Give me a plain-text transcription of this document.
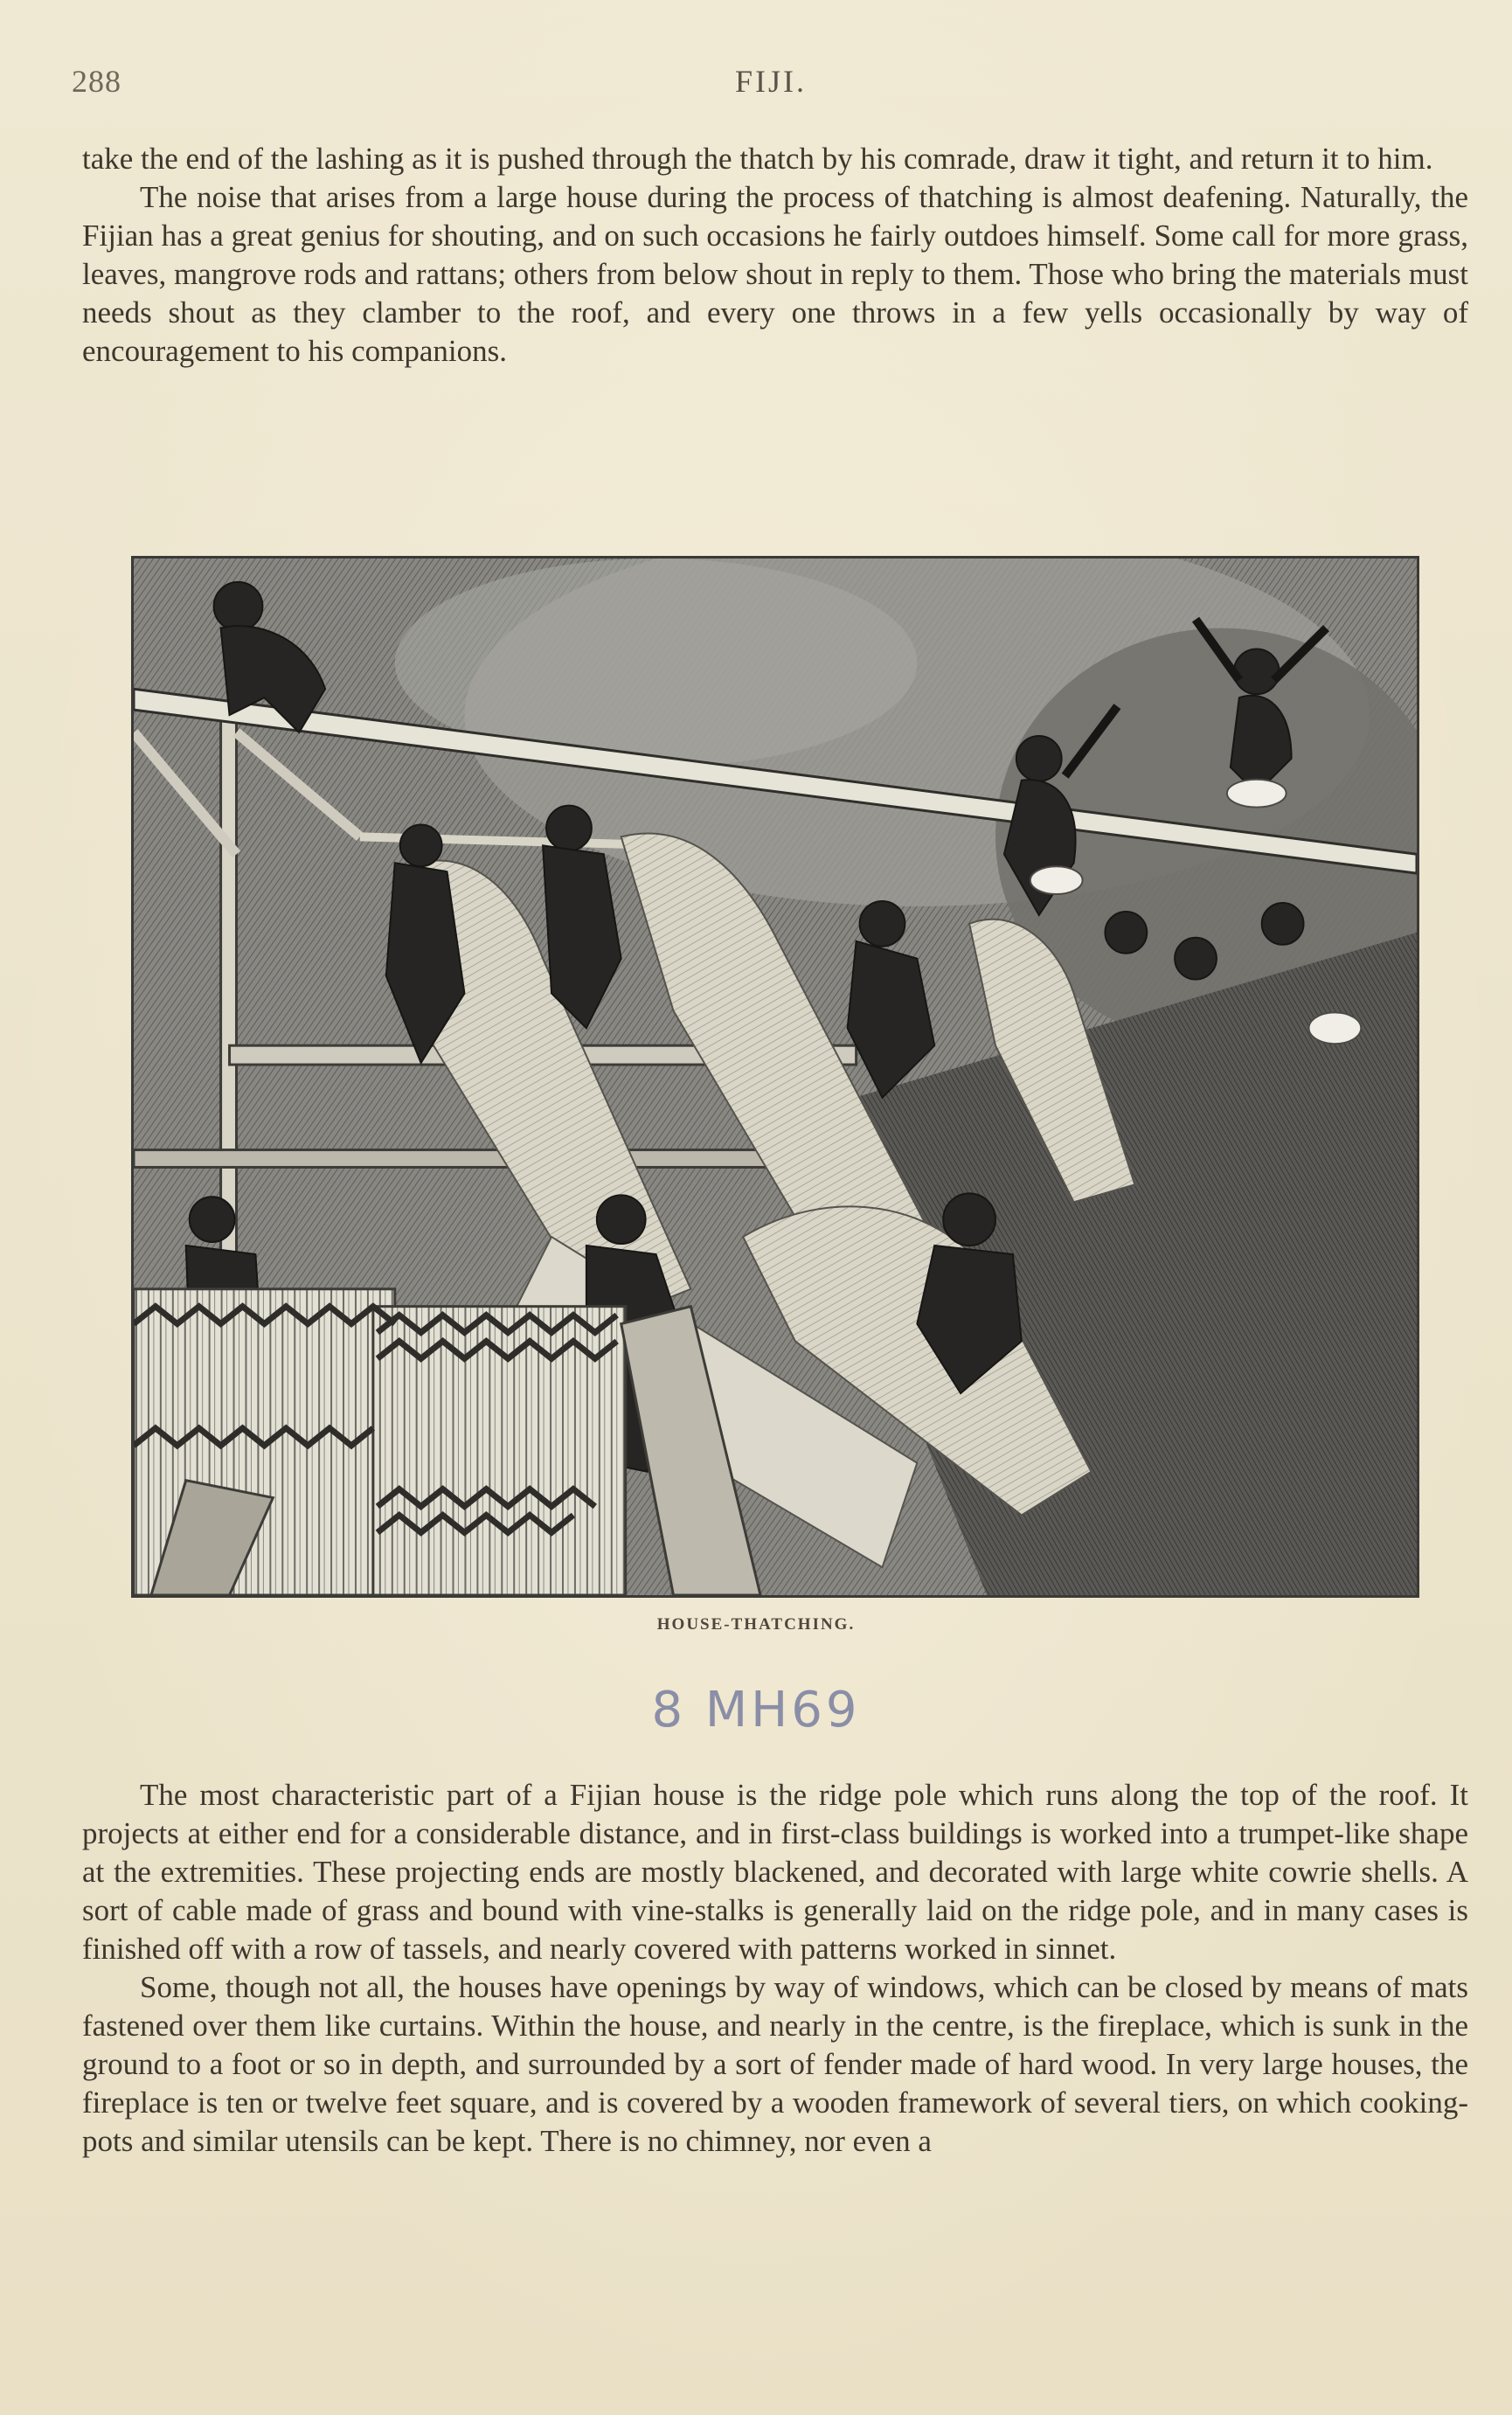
288	FIJI.

take the end of the lashing as it is pushed through the thatch by his comrade, draw it tight, and return it to him.

The noise that arises from a large house during the process of thatching is almost deafening. Naturally, the Fijian has a great genius for shouting, and on such occasions he fairly outdoes himself. Some call for more grass, leaves, mangrove rods and rattans; others from below shout in reply to them. Those who bring the materials must needs shout as they clamber to the roof, and every one throws in a few yells occasionally by way of encouragement to his companions.

HOUSE-THATCHING.
8 MH69

The most characteristic part of a Fijian house is the ridge pole which runs along the top of the roof. It projects at either end for a considerable distance, and in first-class buildings is worked into a trumpet-like shape at the extremities. These projecting ends are mostly blackened, and decorated with large white cowrie shells. A sort of cable made of grass and bound with vine-stalks is generally laid on the ridge pole, and in many cases is finished off with a row of tassels, and nearly covered with patterns worked in sinnet.

Some, though not all, the houses have openings by way of windows, which can be closed by means of mats fastened over them like curtains. Within the house, and nearly in the centre, is the fireplace, which is sunk in the ground to a foot or so in depth, and surrounded by a sort of fender made of hard wood. In very large houses, the fireplace is ten or twelve feet square, and is covered by a wooden framework of several tiers, on which cooking-pots and similar utensils can be kept. There is no chimney, nor even a
